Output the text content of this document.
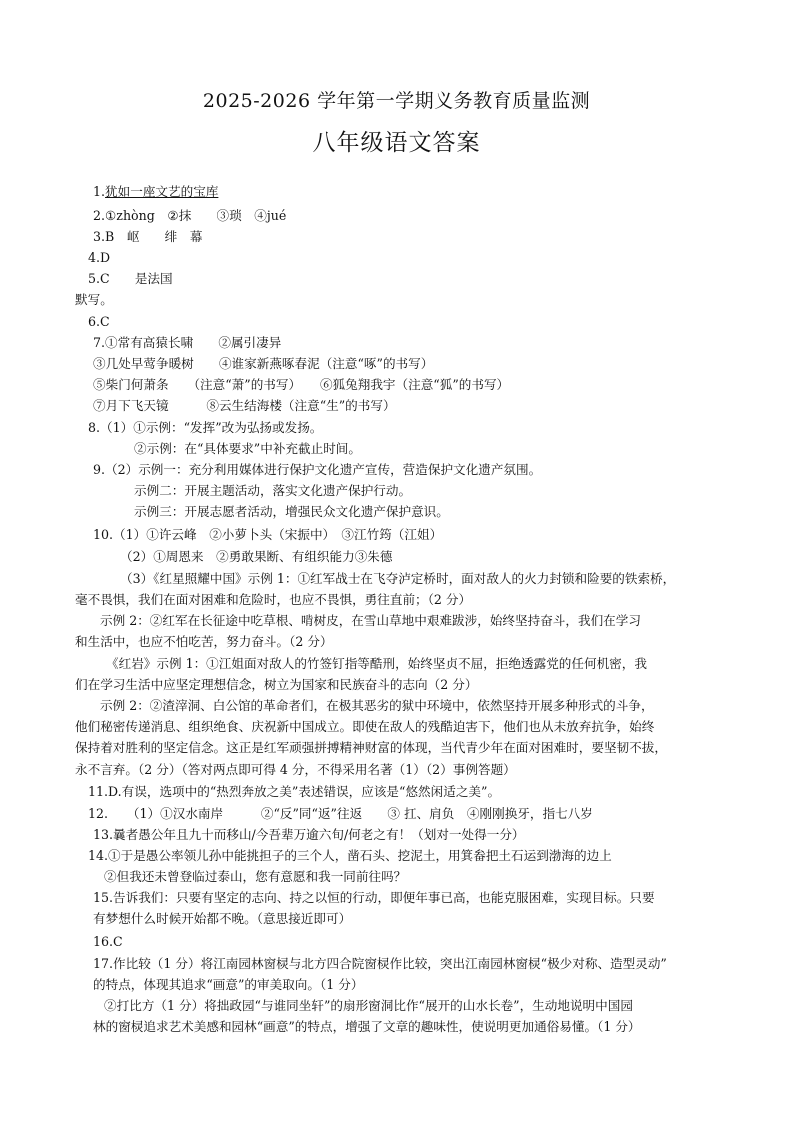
2025-2026 学年第一学期义务教育质量监测
八年级语文答案
1.犹如一座文艺的宝库
2.①zhòng　②抹　　③琐　④jué
3.B　岖　　绯　幕
4.D
5.C　　是法国
默写。
6.C
7.①常有高猿长啸　　②属引凄异
③几处早莺争暖树　　④谁家新燕啄春泥（注意“啄”的书写）
⑤柴门何萧条　　（注意“萧”的书写）　　⑥狐兔翔我宇（注意“狐”的书写）
⑦月下飞天镜　　　⑧云生结海楼（注意“生”的书写）
8.（1）①示例：“发挥”改为弘扬或发扬。
②示例：在“具体要求”中补充截止时间。
9.（2）示例一：充分利用媒体进行保护文化遗产宣传，营造保护文化遗产氛围。
示例二：开展主题活动，落实文化遗产保护行动。
示例三：开展志愿者活动，增强民众文化遗产保护意识。
10.（1）①许云峰　②小萝卜头（宋振中）　③江竹筠（江姐）
（2）①周恩来　②勇敢果断、有组织能力③朱德
（3）《红星照耀中国》示例 1：①红军战士在飞夺泸定桥时，面对敌人的火力封锁和险要的铁索桥，
毫不畏惧，我们在面对困难和危险时，也应不畏惧，勇往直前；（2 分）
示例 2：②红军在长征途中吃草根、啃树皮，在雪山草地中艰难跋涉，始终坚持奋斗，我们在学习
和生活中，也应不怕吃苦，努力奋斗。（2 分）
《红岩》示例 1：①江姐面对敌人的竹签钉指等酷刑，始终坚贞不屈，拒绝透露党的任何机密，我
们在学习生活中应坚定理想信念，树立为国家和民族奋斗的志向（2 分）
示例 2：②渣滓洞、白公馆的革命者们，在极其恶劣的狱中环境中，依然坚持开展多种形式的斗争，
他们秘密传递消息、组织绝食、庆祝新中国成立。即使在敌人的残酷迫害下，他们也从未放弃抗争，始终
保持着对胜利的坚定信念。这正是红军顽强拼搏精神财富的体现，当代青少年在面对困难时，要坚韧不拔，
永不言弃。（2 分）（答对两点即可得 4 分，不得采用名著（1）（2）事例答题）
11.D.有误，选项中的“热烈奔放之美”表述错误，应该是“悠然闲适之美”。
12.　　（1）①汉水南岸　　　②“反”同“返”往返　　③ 扛、肩负　④刚刚换牙，指七八岁
13.曩者愚公年且九十而移山/今吾辈万逾六旬/何老之有！（划对一处得一分）
14.①于是愚公率领儿孙中能挑担子的三个人，凿石头、挖泥土，用箕畚把土石运到渤海的边上
②但我还未曾登临过泰山，您有意愿和我一同前往吗？
15.告诉我们：只要有坚定的志向、持之以恒的行动，即便年事已高，也能克服困难，实现目标。只要
有梦想什么时候开始都不晚。（意思接近即可）
16.C
17.作比较（1 分）将江南园林窗棂与北方四合院窗棂作比较，突出江南园林窗棂“极少对称、造型灵动”
的特点，体现其追求“画意”的审美取向。（1 分）
②打比方（1 分）将拙政园“与谁同坐轩”的扇形窗洞比作“展开的山水长卷”，生动地说明中国园
林的窗棂追求艺术美感和园林“画意”的特点，增强了文章的趣味性，使说明更加通俗易懂。（1 分）
